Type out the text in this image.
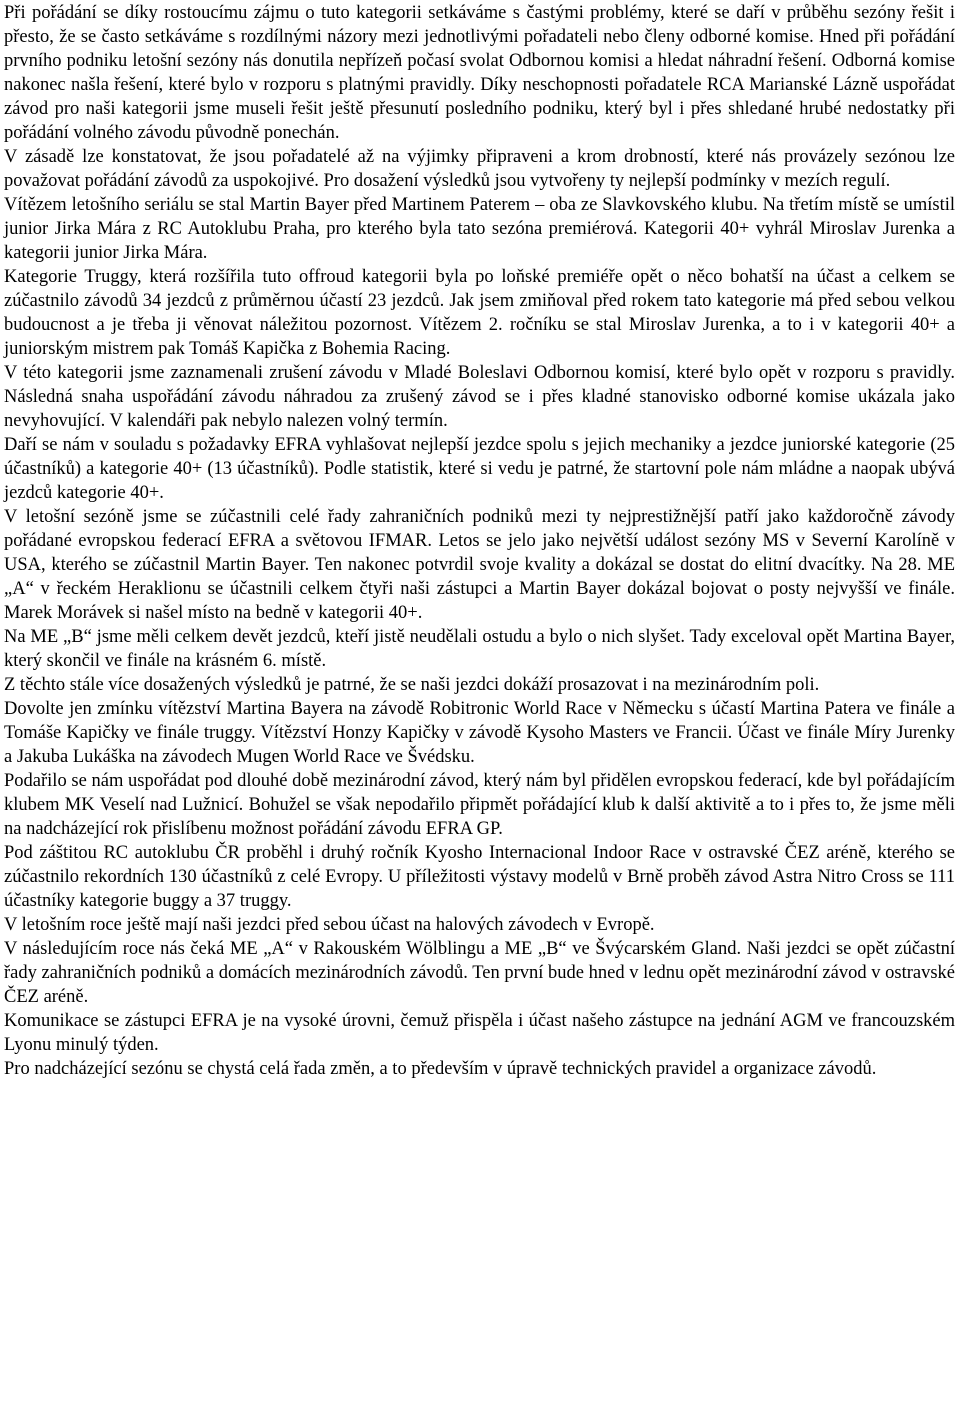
Při pořádání se díky rostoucímu zájmu o tuto kategorii setkáváme s častými problémy, které se daří v průběhu sezóny řešit i přesto, že se často setkáváme s rozdílnými názory mezi jednotlivými pořadateli nebo členy odborné komise. Hned při pořádání prvního podniku letošní sezóny nás donutila nepřízeň počasí svolat Odbornou komisi a hledat náhradní řešení. Odborná komise nakonec našla řešení, které bylo v rozporu s platnými pravidly. Díky neschopnosti pořadatele RCA Marianské Lázně uspořádat závod pro naši kategorii jsme museli řešit ještě přesunutí posledního podniku, který byl i přes shledané hrubé nedostatky při pořádání volného závodu původně ponechán.

V zásadě lze konstatovat, že jsou pořadatelé až na výjimky připraveni a krom drobností, které nás provázely sezónou lze považovat pořádání závodů za uspokojivé. Pro dosažení výsledků jsou vytvořeny ty nejlepší podmínky v mezích regulí.

Vítězem letošního seriálu se stal Martin Bayer před Martinem Paterem – oba ze Slavkovského klubu. Na třetím místě se umístil junior Jirka Mára z RC Autoklubu Praha, pro kterého byla tato sezóna premiérová. Kategorii 40+ vyhrál Miroslav Jurenka a kategorii junior Jirka Mára.

Kategorie Truggy, která rozšířila tuto offroud kategorii byla po loňské premiéře opět o něco bohatší na účast a celkem se zúčastnilo závodů 34 jezdců z průměrnou účastí 23 jezdců. Jak jsem zmiňoval před rokem tato kategorie má před sebou velkou budoucnost a je třeba ji věnovat náležitou pozornost. Vítězem 2. ročníku se stal Miroslav Jurenka, a to i v kategorii 40+ a juniorským mistrem pak Tomáš Kapička z Bohemia Racing.

V této kategorii jsme zaznamenali zrušení závodu v Mladé Boleslavi Odbornou komisí, které bylo opět v rozporu s pravidly. Následná snaha uspořádání závodu náhradou za zrušený závod se i přes kladné stanovisko odborné komise ukázala jako nevyhovující. V kalendáři pak nebylo nalezen volný termín.

Daří se nám v souladu s požadavky EFRA vyhlašovat nejlepší jezdce spolu s jejich mechaniky a jezdce juniorské kategorie (25 účastníků) a kategorie 40+ (13 účastníků). Podle statistik, které si vedu je patrné, že startovní pole nám mládne a naopak ubývá jezdců kategorie 40+.

V letošní sezóně jsme se zúčastnili celé řady zahraničních podniků mezi ty nejprestižnější patří jako každoročně závody pořádané evropskou federací EFRA a světovou IFMAR. Letos se jelo jako největší událost sezóny MS v Severní Karolíně v USA, kterého se zúčastnil Martin Bayer. Ten nakonec potvrdil svoje kvality a dokázal se dostat do elitní dvacítky. Na 28. ME „A“ v řeckém Heraklionu se účastnili celkem čtyři naši zástupci a Martin Bayer dokázal bojovat o posty nejvyšší ve finále. Marek Morávek si našel místo na bedně v kategorii 40+.

Na ME „B“ jsme měli celkem devět jezdců, kteří jistě neudělali ostudu a bylo o nich slyšet. Tady exceloval opět Martina Bayer, který skončil ve finále na krásném 6. místě.

Z těchto stále více dosažených výsledků je patrné, že se naši jezdci dokáží prosazovat i na mezinárodním poli.

Dovolte jen zmínku vítězství Martina Bayera na závodě Robitronic World Race v Německu s účastí Martina Patera ve finále a Tomáše Kapičky ve finále truggy. Vítězství Honzy Kapičky v závodě Kysoho Masters ve Francii. Účast ve finále Míry Jurenky a Jakuba Lukáška na závodech Mugen World Race ve Švédsku.

Podařilo se nám uspořádat pod dlouhé době mezinárodní závod, který nám byl přidělen evropskou federací, kde byl pořádajícím klubem MK Veselí nad Lužnicí. Bohužel se však nepodařilo připmět pořádající klub k další aktivitě a to i přes to, že jsme měli na nadcházející rok přislíbenu možnost pořádání závodu EFRA GP.

Pod záštitou RC autoklubu ČR proběhl i druhý ročník Kyosho Internacional Indoor Race v ostravské ČEZ aréně, kterého se zúčastnilo rekordních 130 účastníků z celé Evropy. U příležitosti výstavy modelů v Brně proběh závod Astra Nitro Cross se 111 účastníky kategorie buggy a 37 truggy.

V letošním roce ještě mají naši jezdci před sebou účast na halových závodech v Evropě.

V následujícím roce nás čeká ME „A“ v Rakouském Wölblingu a ME „B“ ve Švýcarském Gland. Naši jezdci se opět zúčastní řady zahraničních podniků a domácích mezinárodních závodů. Ten první bude hned v lednu opět mezinárodní závod v ostravské ČEZ aréně.

Komunikace se zástupci EFRA je na vysoké úrovni, čemuž přispěla i účast našeho zástupce na jednání AGM ve francouzském Lyonu minulý týden.

Pro nadcházející sezónu se chystá celá řada změn, a to především v úpravě technických pravidel a organizace závodů.
